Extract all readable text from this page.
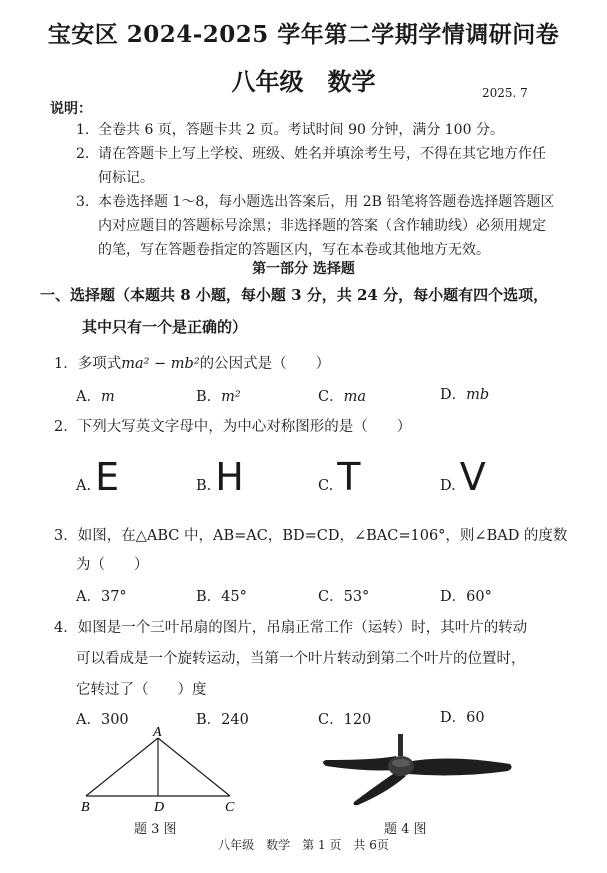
宝安区 2024-2025 学年第二学期学情调研问卷
八年级　数学	2025. 7
说明：
1. 全卷共 6 页，答题卡共 2 页。考试时间 90 分钟，满分 100 分。
2. 请在答题卡上写上学校、班级、姓名并填涂考生号，不得在其它地方作任何标记。
3. 本卷选择题 1～8，每小题选出答案后，用 2B 铅笔将答题卷选择题答题区内对应题目的答题标号涂黑；非选择题的答案（含作辅助线）必须用规定的笔，写在答题卷指定的答题区内，写在本卷或其他地方无效。
第一部分 选择题
一、选择题（本题共 8 小题，每小题 3 分，共 24 分，每小题有四个选项，
其中只有一个是正确的）
1．多项式ma² − mb²的公因式是（　　）
A．m	B．m²	C．ma	D．mb
2．下列大写英文字母中，为中心对称图形的是（　　）
A. E	B. H	C. T	D. V
3．如图，在△ABC 中，AB=AC，BD=CD，∠BAC=106°，则∠BAD 的度数
为（　　）
A．37°	B．45°	C．53°	D．60°
4．如图是一个三叶吊扇的图片，吊扇正常工作（运转）时，其叶片的转动
可以看成是一个旋转运动，当第一个叶片转动到第二个叶片的位置时，
它转过了（　　）度
A．300	B．240	C．120	D．60
A
B	D	C
题 3 图	题 4 图
八年级　数学　第 1 页　共 6页
